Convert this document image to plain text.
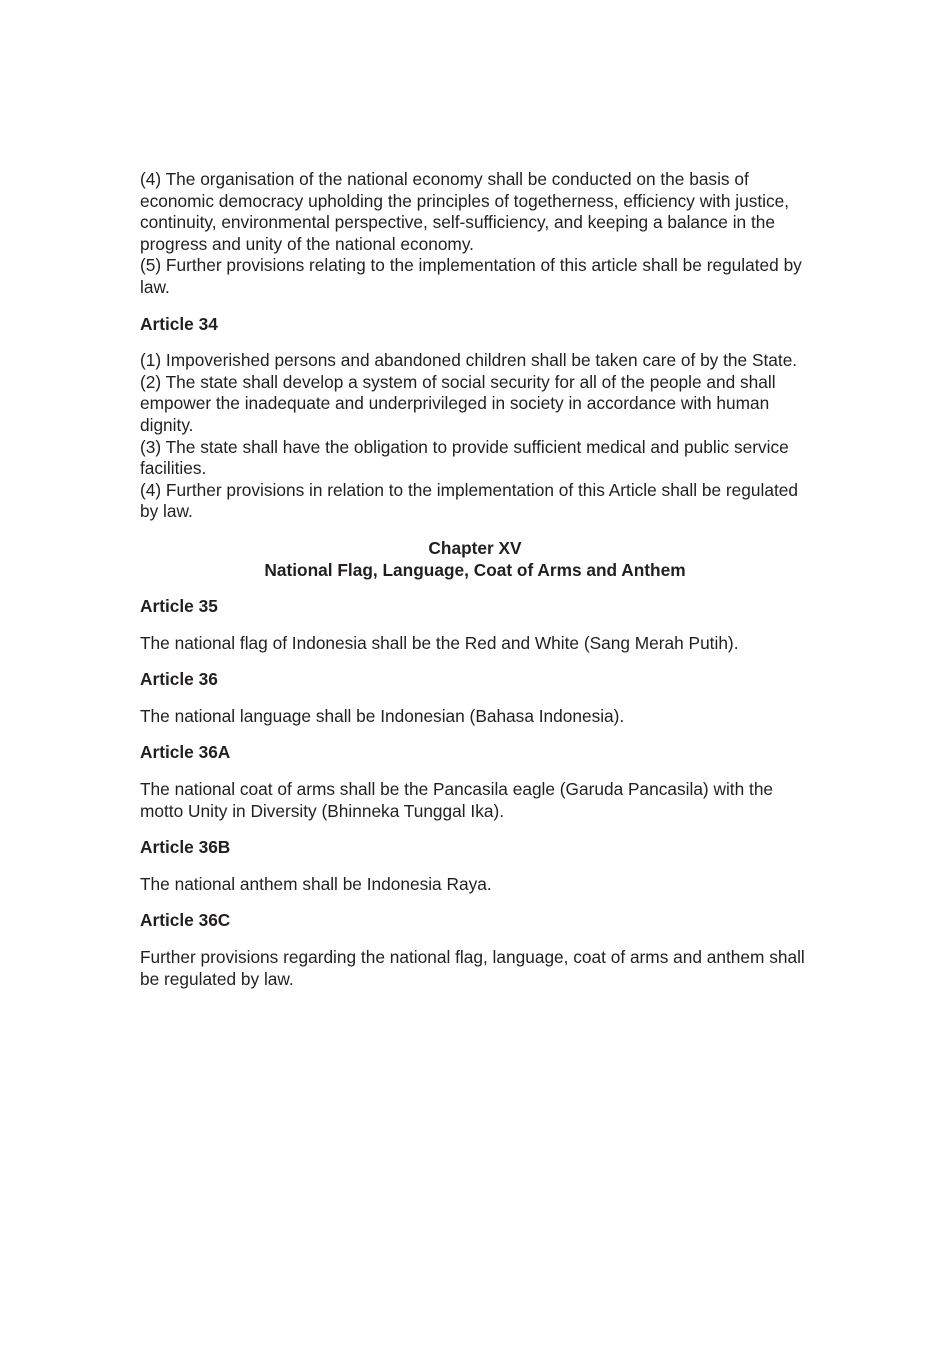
(4) The organisation of the national economy shall be conducted on the basis of economic democracy upholding the principles of togetherness, efficiency with justice, continuity, environmental perspective, self-sufficiency, and keeping a balance in the progress and unity of the national economy.

(5) Further provisions relating to the implementation of this article shall be regulated by law.

Article 34

(1) Impoverished persons and abandoned children shall be taken care of by the State.

(2) The state shall develop a system of social security for all of the people and shall empower the inadequate and underprivileged in society in accordance with human dignity.

(3) The state shall have the obligation to provide sufficient medical and public service facilities.

(4) Further provisions in relation to the implementation of this Article shall be regulated by law.

Chapter XV
National Flag, Language, Coat of Arms and Anthem

Article 35

The national flag of Indonesia shall be the Red and White (Sang Merah Putih).

Article 36

The national language shall be Indonesian (Bahasa Indonesia).

Article 36A

The national coat of arms shall be the Pancasila eagle (Garuda Pancasila) with the motto Unity in Diversity (Bhinneka Tunggal Ika).

Article 36B

The national anthem shall be Indonesia Raya.

Article 36C

Further provisions regarding the national flag, language, coat of arms and anthem shall be regulated by law.
